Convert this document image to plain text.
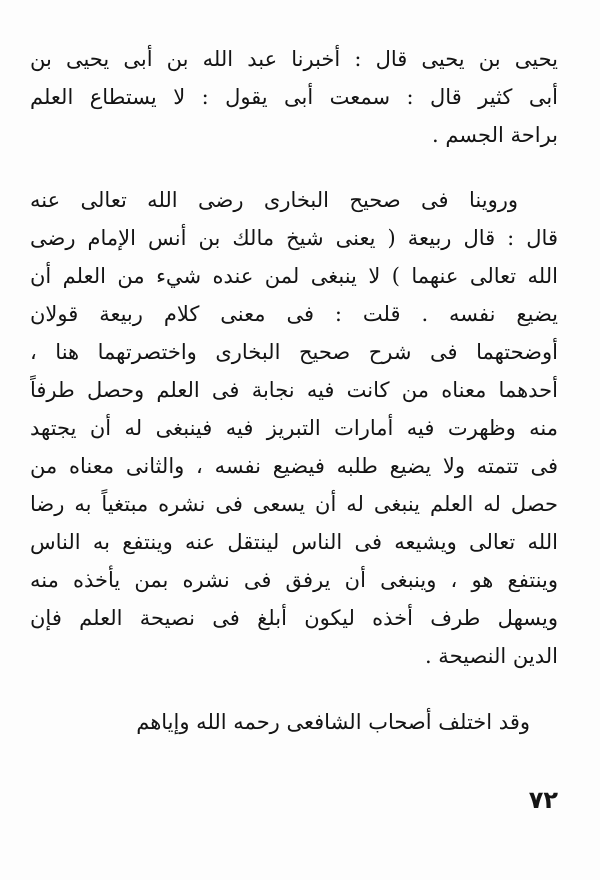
يحيى بن يحيى قال : أخبرنا عبد الله بن أبى يحيى بن
أبى كثير قال : سمعت أبى يقول : لا يستطاع العلم
براحة الجسم .
وروينا فى صحيح البخارى رضى الله تعالى عنه
قال : قال ربيعة ( يعنى شيخ مالك بن أنس الإمام رضى
الله تعالى عنهما ) لا ينبغى لمن عنده شيء من العلم أن
يضيع نفسه . قلت : فى معنى كلام ربيعة قولان
أوضحتهما فى شرح صحيح البخارى واختصرتهما هنا ،
أحدهما معناه من كانت فيه نجابة فى العلم وحصل طرفاً
منه وظهرت فيه أمارات التبريز فيه فينبغى له أن يجتهد
فى تتمته ولا يضيع طلبه فيضيع نفسه ، والثانى معناه من
حصل له العلم ينبغى له أن يسعى فى نشره مبتغياً به رضا
الله تعالى ويشيعه فى الناس لينتقل عنه وينتفع به الناس
وينتفع هو ، وينبغى أن يرفق فى نشره بمن يأخذه منه
ويسهل طرف أخذه ليكون أبلغ فى نصيحة العلم فإن
الدين النصيحة .
وقد اختلف أصحاب الشافعى رحمه الله وإياهم
٧٢
